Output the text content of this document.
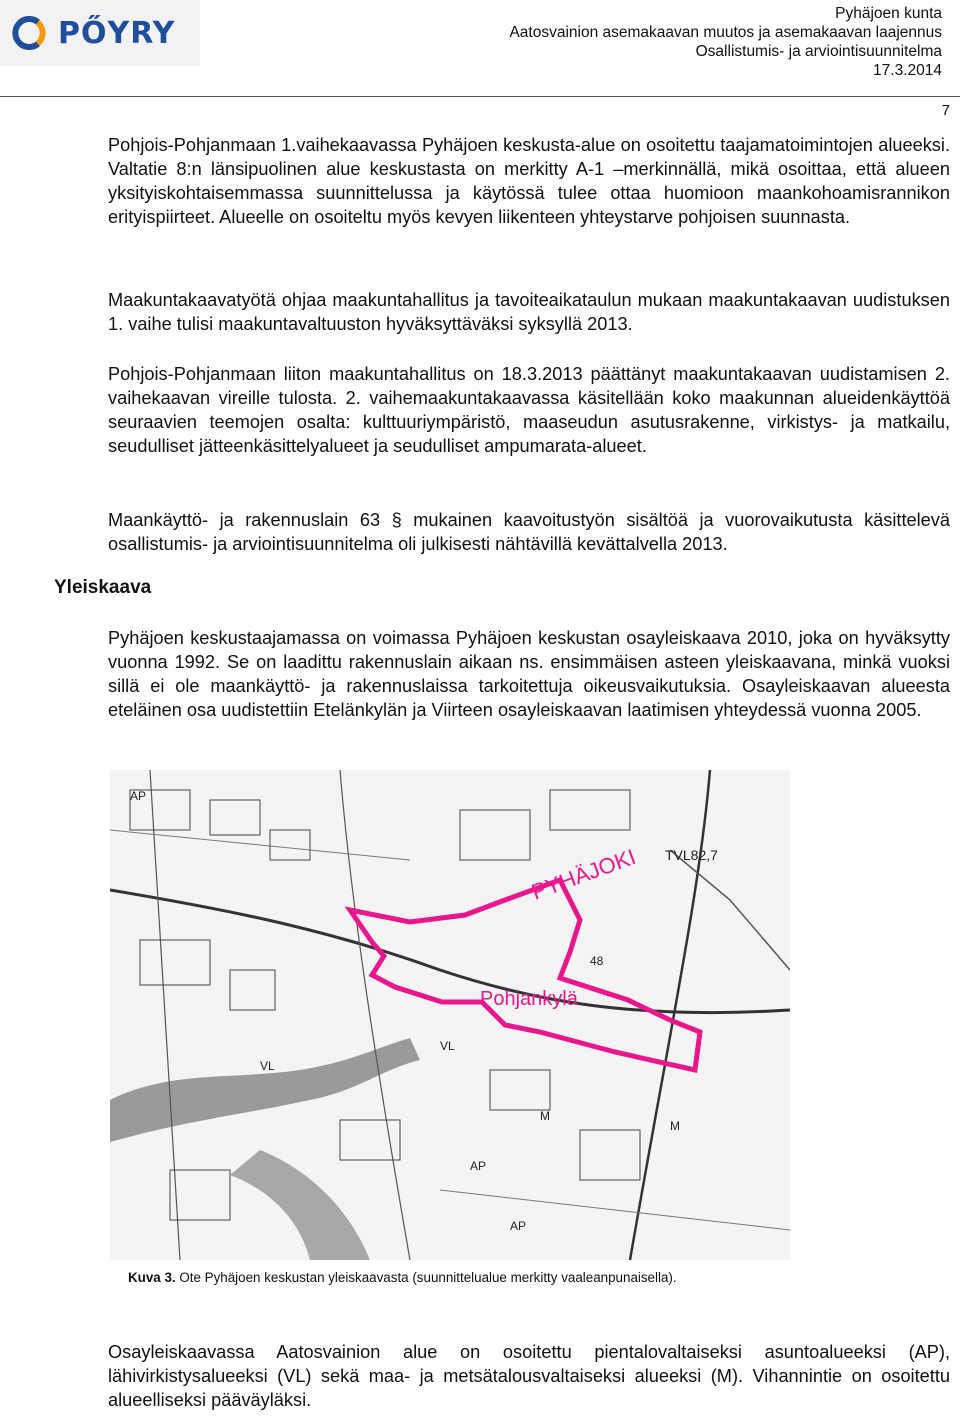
PŐYRY
Pyhäjoen kunta
Aatosvainion asemakaavan muutos ja asemakaavan laajennus
Osallistumis- ja arviointisuunnitelma
17.3.2014
7

Pohjois-Pohjanmaan 1.vaihekaavassa Pyhäjoen keskusta-alue on osoitettu taajamatoimintojen alueeksi. Valtatie 8:n länsipuolinen alue keskustasta on merkitty A-1 –merkinnällä, mikä osoittaa, että alueen yksityiskohtaisemmassa suunnittelussa ja käytössä tulee ottaa huomioon maankohoamisrannikon erityispiirteet. Alueelle on osoiteltu myös kevyen liikenteen yhteystarve pohjoisen suunnasta.

Maakuntakaavatyötä ohjaa maakuntahallitus ja tavoiteaikataulun mukaan maakuntakaavan uudistuksen 1. vaihe tulisi maakuntavaltuuston hyväksyttäväksi syksyllä 2013.

Pohjois-Pohjanmaan liiton maakuntahallitus on 18.3.2013 päättänyt maakuntakaavan uudistamisen 2. vaihekaavan vireille tulosta. 2. vaihemaakuntakaavassa käsitellään koko maakunnan alueidenkäyttöä seuraavien teemojen osalta: kulttuuriympäristö, maaseudun asutusrakenne, virkistys- ja matkailu, seudulliset jätteenkäsittelyalueet ja seudulliset ampumarata-alueet.

Maankäyttö- ja rakennuslain 63 § mukainen kaavoitustyön sisältöä ja vuorovaikutusta käsittelevä osallistumis- ja arviointisuunnitelma oli julkisesti nähtävillä kevättalvella 2013.

Yleiskaava

Pyhäjoen keskustaajamassa on voimassa Pyhäjoen keskustan osayleiskaava 2010, joka on hyväksytty vuonna 1992. Se on laadittu rakennuslain aikaan ns. ensimmäisen asteen yleiskaavana, minkä vuoksi sillä ei ole maankäyttö- ja rakennuslaissa tarkoitettuja oikeusvaikutuksia. Osayleiskaavan alueesta eteläinen osa uudistettiin Etelänkylän ja Viirteen osayleiskaavan laatimisen yhteydessä vuonna 2005.

PYHÄJOKI
Pohjankylä
TVL82,7
AP
VL
M
48
AP
VL
M
AP
Kuva 3. Ote Pyhäjoen keskustan yleiskaavasta (suunnittelualue merkitty vaaleanpunaisella).

Osayleiskaavassa Aatosvainion alue on osoitettu pientalovaltaiseksi asuntoalueeksi (AP), lähivirkistysalueeksi (VL) sekä maa- ja metsätalousvaltaiseksi alueeksi (M). Vihannintie on osoitettu alueelliseksi pääväyläksi.
